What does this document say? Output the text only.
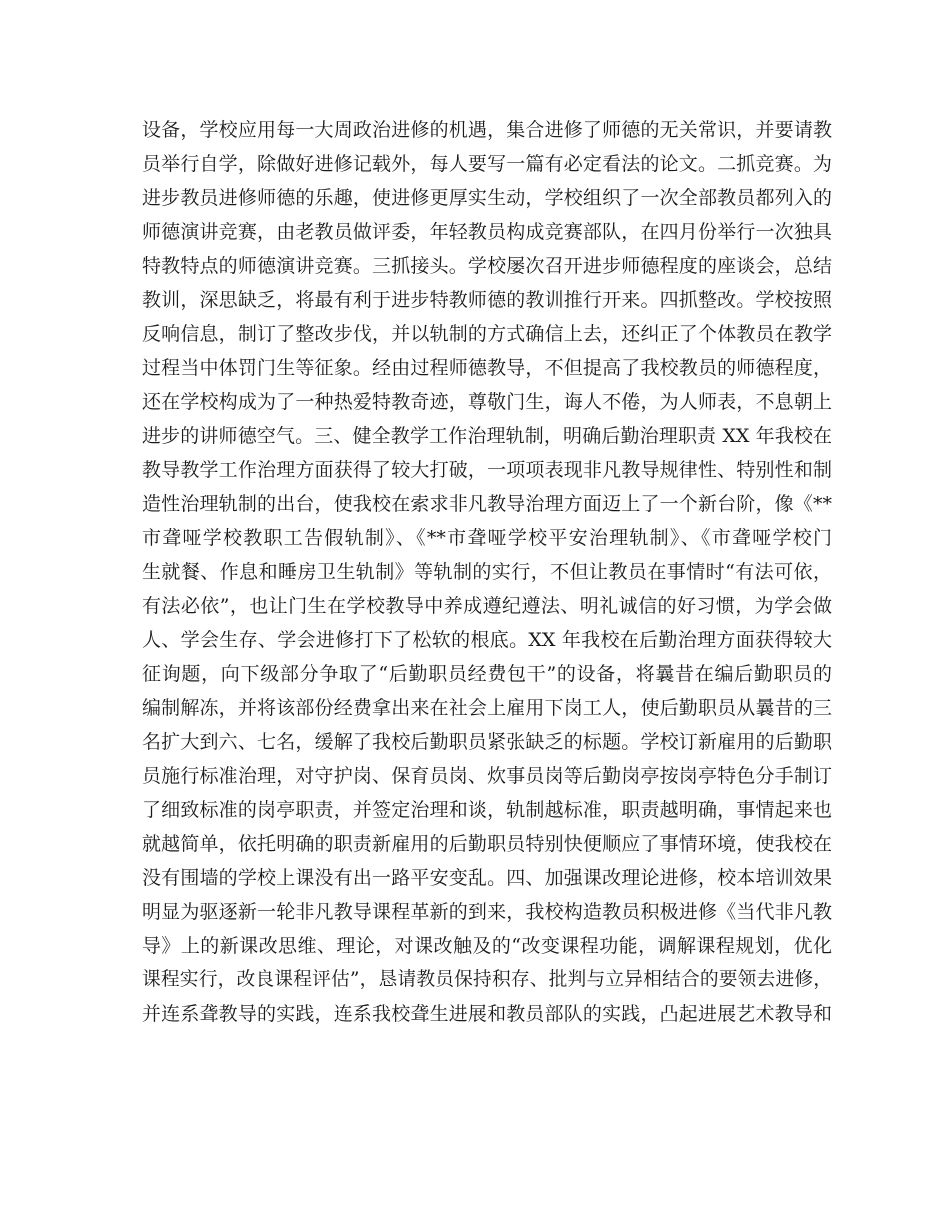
设备，学校应用每一大周政治进修的机遇，集合进修了师德的无关常识，并要请教
员举行自学，除做好进修记载外，每人要写一篇有必定看法的论文。二抓竞赛。为
进步教员进修师德的乐趣，使进修更厚实生动，学校组织了一次全部教员都列入的
师德演讲竞赛，由老教员做评委，年轻教员构成竞赛部队，在四月份举行一次独具
特教特点的师德演讲竞赛。三抓接头。学校屡次召开进步师德程度的座谈会，总结
教训，深思缺乏，将最有利于进步特教师德的教训推行开来。四抓整改。学校按照
反响信息，制订了整改步伐，并以轨制的方式确信上去，还纠正了个体教员在教学
过程当中体罚门生等征象。经由过程师德教导，不但提高了我校教员的师德程度，
还在学校构成为了一种热爱特教奇迹，尊敬门生，诲人不倦，为人师表，不息朝上
进步的讲师德空气。三、健全教学工作治理轨制，明确后勤治理职责 XX 年我校在
教导教学工作治理方面获得了较大打破，一项项表现非凡教导规律性、特别性和制
造性治理轨制的出台，使我校在索求非凡教导治理方面迈上了一个新台阶，像《**
市聋哑学校教职工告假轨制》、《**市聋哑学校平安治理轨制》、《市聋哑学校门
生就餐、作息和睡房卫生轨制》等轨制的实行，不但让教员在事情时“有法可依，
有法必依”，也让门生在学校教导中养成遵纪遵法、明礼诚信的好习惯，为学会做
人、学会生存、学会进修打下了松软的根底。XX 年我校在后勤治理方面获得较大
征询题，向下级部分争取了“后勤职员经费包干”的设备，将曩昔在编后勤职员的
编制解冻，并将该部份经费拿出来在社会上雇用下岗工人，使后勤职员从曩昔的三
名扩大到六、七名，缓解了我校后勤职员紧张缺乏的标题。学校订新雇用的后勤职
员施行标准治理，对守护岗、保育员岗、炊事员岗等后勤岗亭按岗亭特色分手制订
了细致标准的岗亭职责，并签定治理和谈，轨制越标准，职责越明确，事情起来也
就越简单，依托明确的职责新雇用的后勤职员特别快便顺应了事情环境，使我校在
没有围墙的学校上课没有出一路平安变乱。四、加强课改理论进修，校本培训效果
明显为驱逐新一轮非凡教导课程革新的到来，我校构造教员积极进修《当代非凡教
导》上的新课改思维、理论，对课改触及的“改变课程功能，调解课程规划，优化
课程实行，改良课程评估”，恳请教员保持积存、批判与立异相结合的要领去进修，
并连系聋教导的实践，连系我校聋生进展和教员部队的实践，凸起进展艺术教导和
